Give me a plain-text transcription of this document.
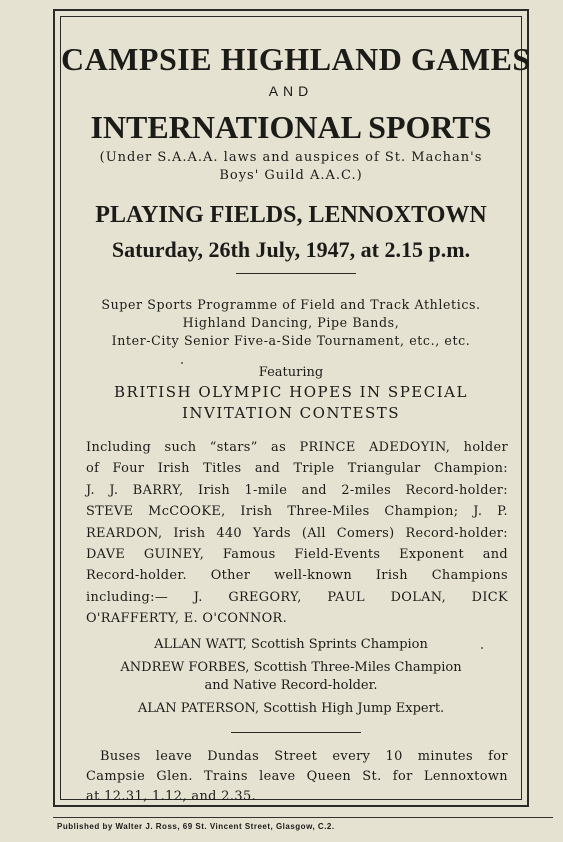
CAMPSIE HIGHLAND GAMES
AND
INTERNATIONAL SPORTS
(Under S.A.A.A. laws and auspices of St. Machan's
Boys' Guild A.A.C.)
PLAYING FIELDS, LENNOXTOWN
Saturday, 26th July, 1947, at 2.15 p.m.
Super Sports Programme of Field and Track Athletics.
Highland Dancing, Pipe Bands,
Inter-City Senior Five-a-Side Tournament, etc., etc.
Featuring
BRITISH OLYMPIC HOPES IN SPECIAL
INVITATION CONTESTS
Including such “stars” as PRINCE ADEDOYIN, holder
of Four Irish Titles and Triple Triangular Champion:
J. J. BARRY, Irish 1-mile and 2-miles Record-holder:
STEVE McCOOKE, Irish Three-Miles Champion; J. P.
REARDON, Irish 440 Yards (All Comers) Record-holder:
DAVE GUINEY, Famous Field-Events Exponent and
Record-holder. Other well-known Irish Champions
including:— J. GREGORY, PAUL DOLAN, DICK
O'RAFFERTY, E. O'CONNOR.
ALLAN WATT, Scottish Sprints Champion
ANDREW FORBES, Scottish Three-Miles Champion
and Native Record-holder.
ALAN PATERSON, Scottish High Jump Expert.
Buses leave Dundas Street every 10 minutes for
Campsie Glen. Trains leave Queen St. for Lennoxtown
at 12.31, 1.12, and 2.35.
Published by Walter J. Ross, 69 St. Vincent Street, Glasgow, C.2.
